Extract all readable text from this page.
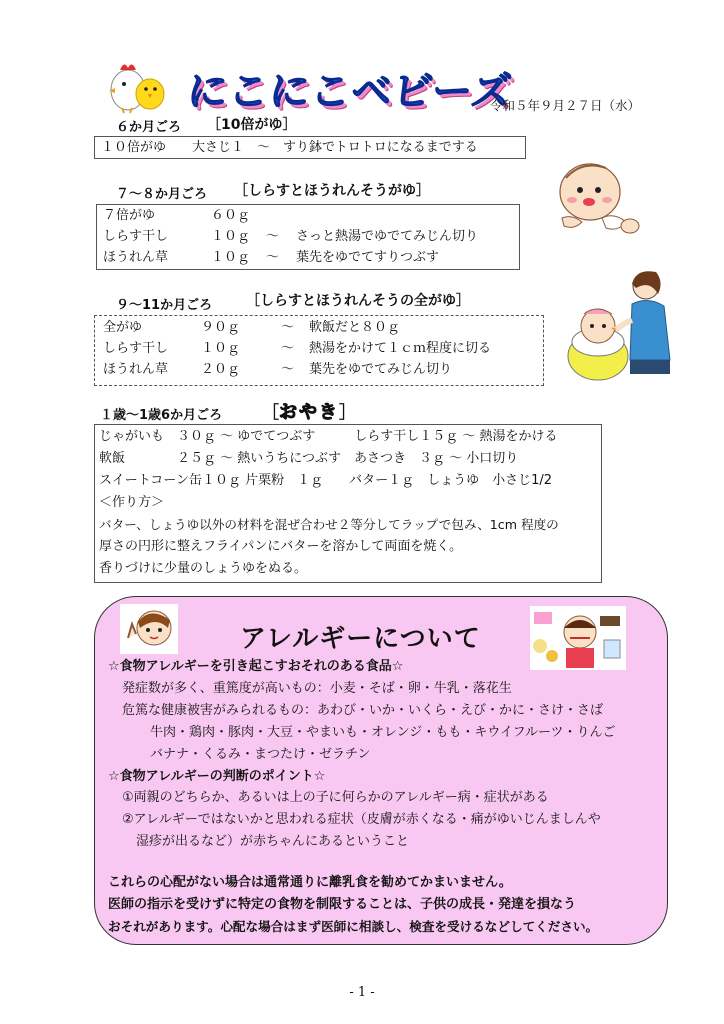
にこにこベビーズ
令和５年９月２７日（水）
６か月ごろ ［10倍がゆ］
１０倍がゆ　　大さじ１　～　すり鉢でトロトロになるまでする
７～８か月ごろ ［しらすとほうれんそうがゆ］
７倍がゆ	６０ｇ
しらす干し	１０ｇ	～	さっと熱湯でゆでてみじん切り
ほうれん草	１０ｇ	～	葉先をゆでてすりつぶす
９～11か月ごろ ［しらすとほうれんそうの全がゆ］
全がゆ	９０ｇ	～	軟飯だと８０ｇ
しらす干し	１０ｇ	～	熱湯をかけて１ｃｍ程度に切る
ほうれん草	２０ｇ	～	葉先をゆでてみじん切り
１歳～1歳6か月ごろ ［おやき］
じゃがいも　３０ｇ ～ ゆでてつぶす　　　しらす干し１５ｇ ～ 熱湯をかける
軟飯　　　　２５ｇ ～ 熱いうちにつぶす　あさつき　３ｇ ～ 小口切り
スイートコーン缶１０ｇ 片栗粉　１ｇ　　バター１ｇ　しょうゆ　小さじ1/2
＜作り方＞
バター、しょうゆ以外の材料を混ぜ合わせ２等分してラップで包み、1cm 程度の
厚さの円形に整えフライパンにバターを溶かして両面を焼く。
香りづけに少量のしょうゆをぬる。
アレルギーについて
☆食物アレルギーを引き起こすおそれのある食品☆
発症数が多く、重篤度が高いもの：小麦・そば・卵・牛乳・落花生
危篤な健康被害がみられるもの：あわび・いか・いくら・えび・かに・さけ・さば
牛肉・鶏肉・豚肉・大豆・やまいも・オレンジ・もも・キウイフルーツ・りんご
バナナ・くるみ・まつたけ・ゼラチン
☆食物アレルギーの判断のポイント☆
①両親のどちらか、あるいは上の子に何らかのアレルギー病・症状がある
②アレルギーではないかと思われる症状（皮膚が赤くなる・痛がゆいじんましんや
湿疹が出るなど）が赤ちゃんにあるということ
これらの心配がない場合は通常通りに離乳食を勧めてかまいません。
医師の指示を受けずに特定の食物を制限することは、子供の成長・発達を損なう
おそれがあります。心配な場合はまず医師に相談し、検査を受けるなどしてください。
- 1 -
